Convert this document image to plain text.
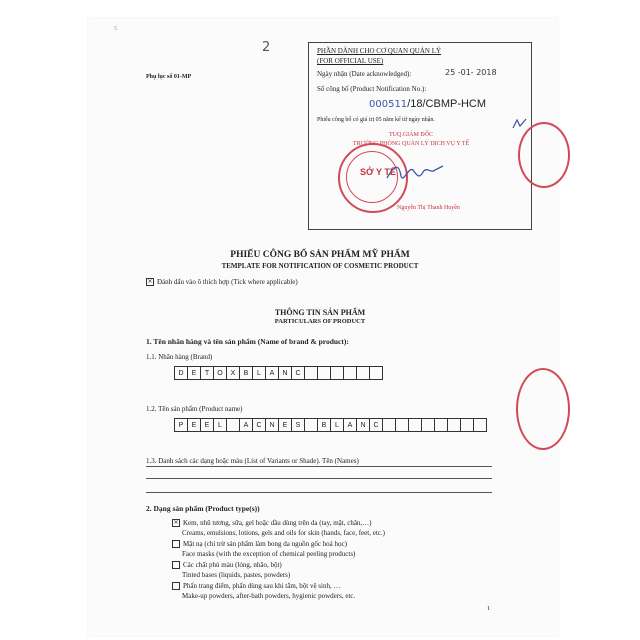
5
2
Phụ lục số 01-MP
PHẦN DÀNH CHO CƠ QUAN QUẢN LÝ
(FOR OFFICIAL USE)
Ngày nhận (Date acknowledged):	25 -01- 2018
Số công bố (Product Notification No.):
000511/18/CBMP-HCM
Phiếu công bố có giá trị 05 năm kể từ ngày nhận.
TUQ.GIÁM ĐỐC
TRƯỞNG PHÒNG QUẢN LÝ DỊCH VỤ Y TẾ
Nguyễn Thị Thanh Huyền
SỞ Y TẾ
PHIẾU CÔNG BỐ SẢN PHẨM MỸ PHẨM
TEMPLATE FOR NOTIFICATION OF COSMETIC PRODUCT
× Đánh dấu vào ô thích hợp (Tick where applicable)
THÔNG TIN SẢN PHẨM
PARTICULARS OF PRODUCT
1. Tên nhãn hàng và tên sản phẩm (Name of brand & product):
1.1. Nhãn hàng (Brand)
D	E	T	O	X	B	L	A	N	C
1.2. Tên sản phẩm (Product name)
P	E	E	L	A	C	N	E	S	B	L	A	N	C
1.3. Danh sách các dạng hoặc màu (List of Variants or Shade). Tên (Names)
2. Dạng sản phẩm (Product type(s))
× Kem, nhũ tương, sữa, gel hoặc dầu dùng trên da (tay, mặt, chân,…)
Creams, emulsions, lotions, gels and oils for skin (hands, face, feet, etc.)
Mặt nạ (chỉ trừ sản phẩm làm bong da nguồn gốc hoá học)
Face masks (with the exception of chemical peeling products)
Các chất phủ màu (lỏng, nhão, bột)
Tinted bases (liquids, pastes, powders)
Phấn trang điểm, phấn dùng sau khi tắm, bột vệ sinh, …
Make-up powders, after-bath powders, hygienic powders, etc.
1
